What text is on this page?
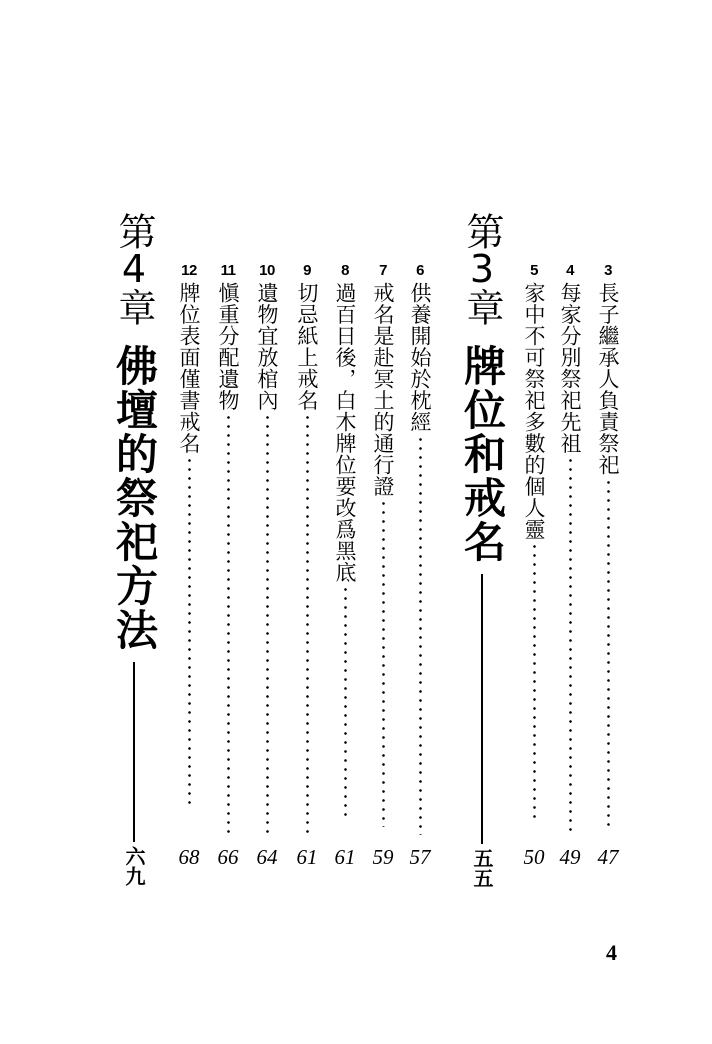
3
長子繼承人負責祭祀
47
4
每家分別祭祀先祖
49
5
家中不可祭祀多數的個人靈
50
第3章
牌位和戒名
五五
6
供養開始於枕經
57
7
戒名是赴冥土的通行證
59
8
過百日後，白木牌位要改爲黑底
61
9
切忌紙上戒名
61
10
遺物宜放棺內
64
11
愼重分配遺物
66
12
牌位表面僅書戒名
68
第4章
佛壇的祭祀方法
六九
4
